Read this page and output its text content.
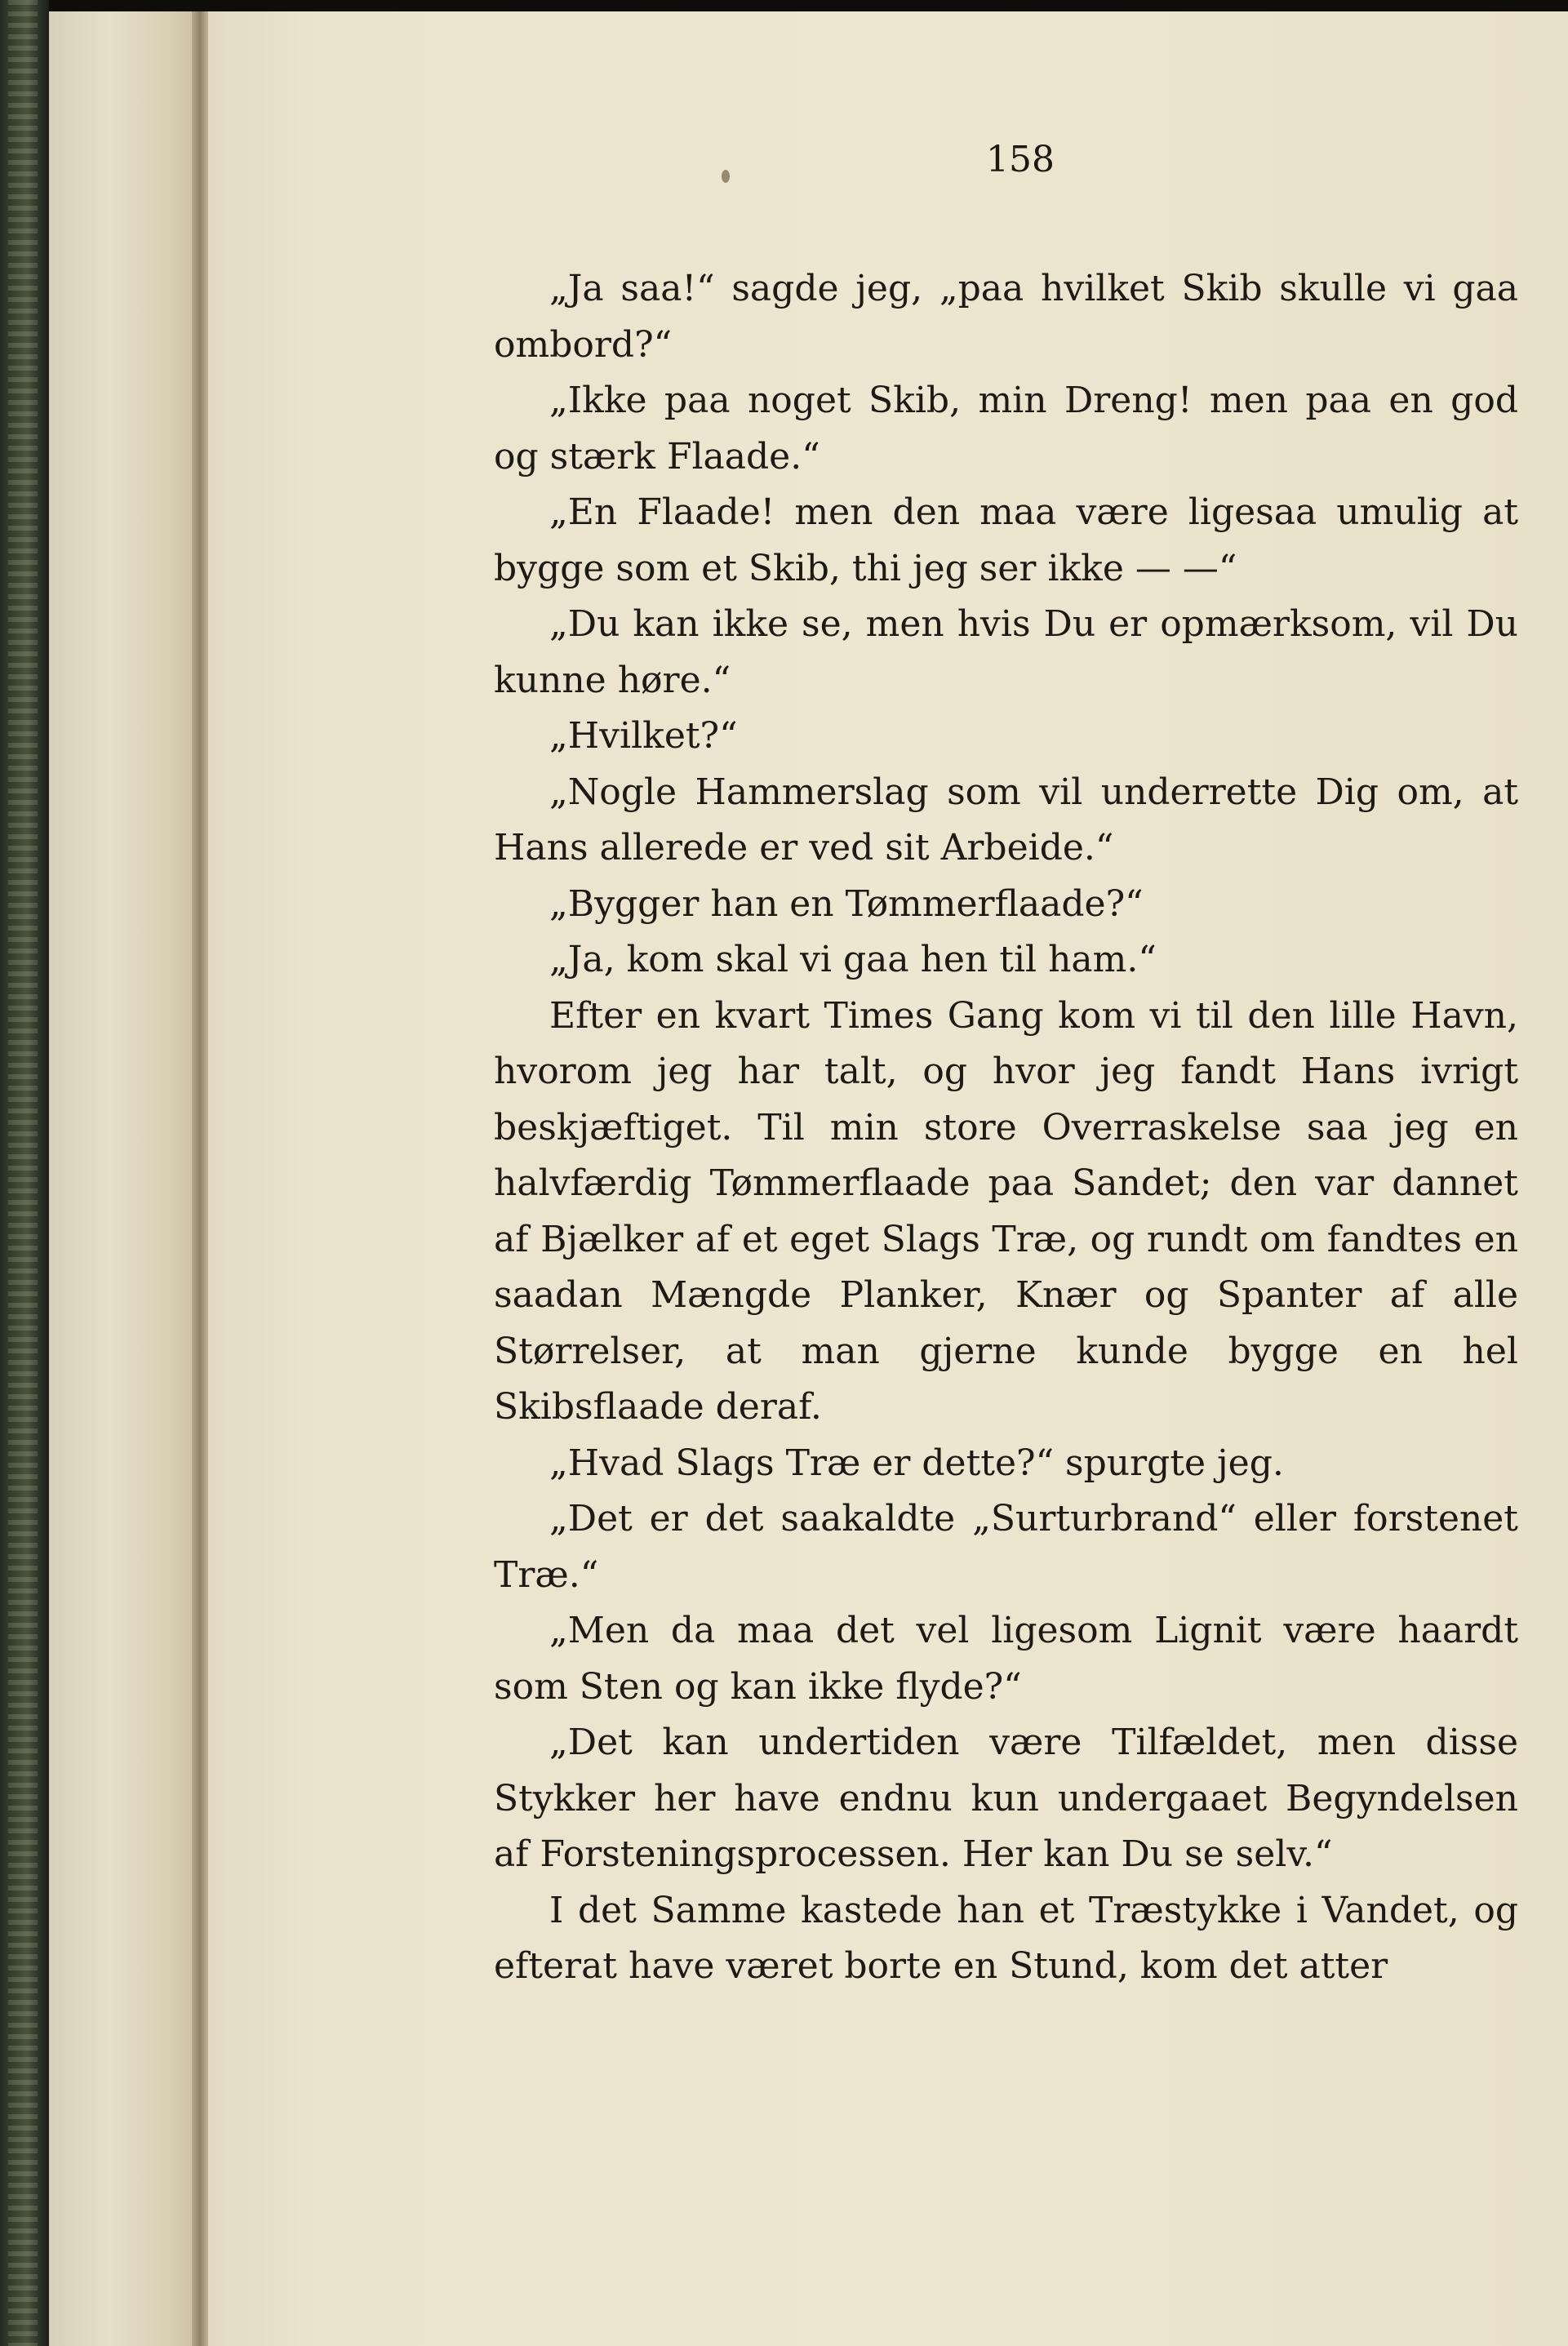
158

„Ja saa!“ sagde jeg, „paa hvilket Skib skulle vi gaa ombord?“

„Ikke paa noget Skib, min Dreng! men paa en god og stærk Flaade.“

„En Flaade! men den maa være ligesaa umulig at bygge som et Skib, thi jeg ser ikke — —“

„Du kan ikke se, men hvis Du er opmærksom, vil Du kunne høre.“

„Hvilket?“

„Nogle Hammerslag som vil underrette Dig om, at Hans allerede er ved sit Arbeide.“

„Bygger han en Tømmerflaade?“

„Ja, kom skal vi gaa hen til ham.“

Efter en kvart Times Gang kom vi til den lille Havn, hvorom jeg har talt, og hvor jeg fandt Hans ivrigt beskjæftiget. Til min store Overraskelse saa jeg en halvfærdig Tømmerflaade paa Sandet; den var dannet af Bjælker af et eget Slags Træ, og rundt om fandtes en saadan Mængde Planker, Knær og Spanter af alle Størrelser, at man gjerne kunde bygge en hel Skibsflaade deraf.

„Hvad Slags Træ er dette?“ spurgte jeg.

„Det er det saakaldte „Surturbrand“ eller forstenet Træ.“

„Men da maa det vel ligesom Lignit være haardt som Sten og kan ikke flyde?“

„Det kan undertiden være Tilfældet, men disse Stykker her have endnu kun undergaaet Begyndelsen af Forsteningsprocessen. Her kan Du se selv.“

I det Samme kastede han et Træstykke i Vandet, og efterat have været borte en Stund, kom det atter
